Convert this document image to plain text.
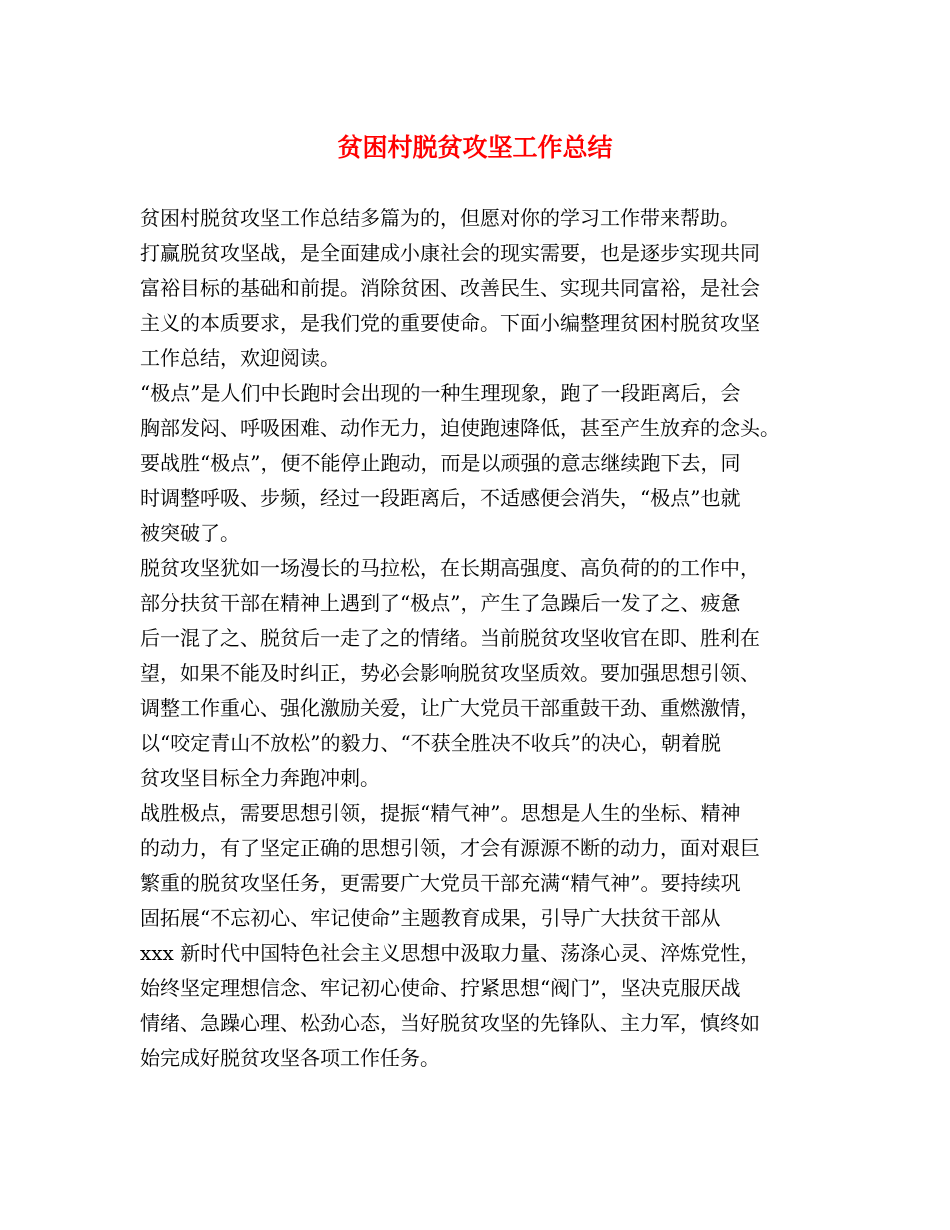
贫困村脱贫攻坚工作总结
贫困村脱贫攻坚工作总结多篇为的，但愿对你的学习工作带来帮助。
打赢脱贫攻坚战，是全面建成小康社会的现实需要，也是逐步实现共同
富裕目标的基础和前提。消除贫困、改善民生、实现共同富裕，是社会
主义的本质要求，是我们党的重要使命。下面小编整理贫困村脱贫攻坚
工作总结，欢迎阅读。
“极点”是人们中长跑时会出现的一种生理现象，跑了一段距离后，会
胸部发闷、呼吸困难、动作无力，迫使跑速降低，甚至产生放弃的念头。
要战胜“极点”，便不能停止跑动，而是以顽强的意志继续跑下去，同
时调整呼吸、步频，经过一段距离后，不适感便会消失，“极点”也就
被突破了。
脱贫攻坚犹如一场漫长的马拉松，在长期高强度、高负荷的的工作中，
部分扶贫干部在精神上遇到了“极点”，产生了急躁后一发了之、疲惫
后一混了之、脱贫后一走了之的情绪。当前脱贫攻坚收官在即、胜利在
望，如果不能及时纠正，势必会影响脱贫攻坚质效。要加强思想引领、
调整工作重心、强化激励关爱，让广大党员干部重鼓干劲、重燃激情，
以“咬定青山不放松”的毅力、“不获全胜决不收兵”的决心，朝着脱
贫攻坚目标全力奔跑冲刺。
战胜极点，需要思想引领，提振“精气神”。思想是人生的坐标、精神
的动力，有了坚定正确的思想引领，才会有源源不断的动力，面对艰巨
繁重的脱贫攻坚任务，更需要广大党员干部充满“精气神”。要持续巩
固拓展“不忘初心、牢记使命”主题教育成果，引导广大扶贫干部从
xxx 新时代中国特色社会主义思想中汲取力量、荡涤心灵、淬炼党性，
始终坚定理想信念、牢记初心使命、拧紧思想“阀门”，坚决克服厌战
情绪、急躁心理、松劲心态，当好脱贫攻坚的先锋队、主力军，慎终如
始完成好脱贫攻坚各项工作任务。
